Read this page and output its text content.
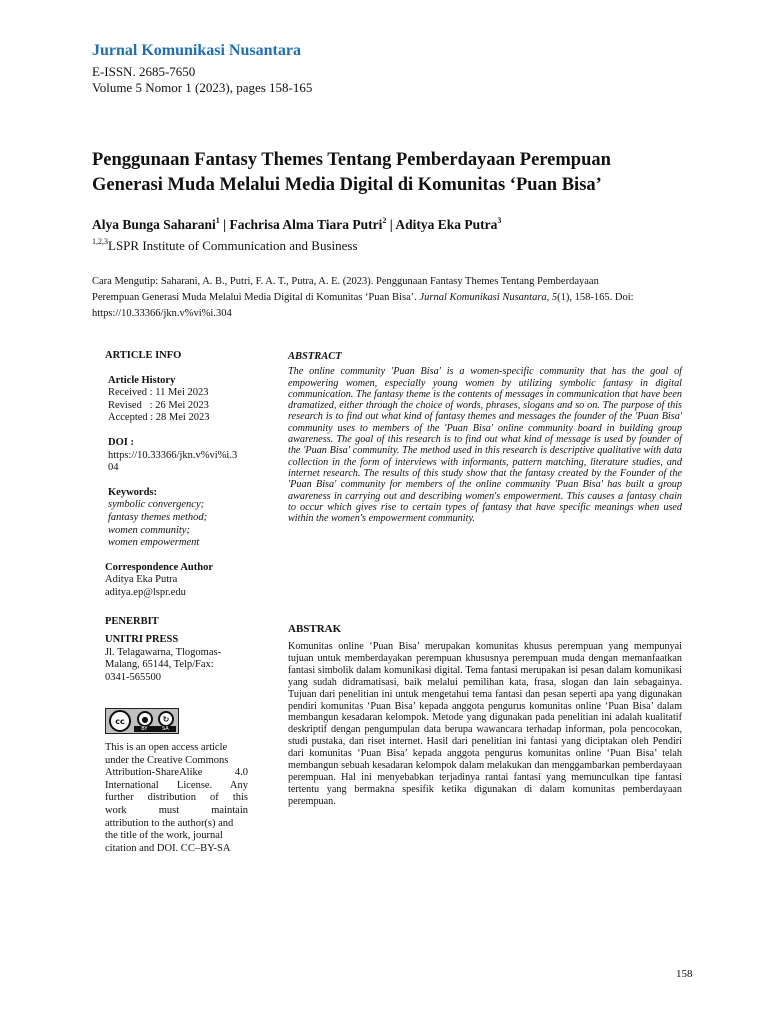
Jurnal Komunikasi Nusantara
E-ISSN. 2685-7650
Volume 5 Nomor 1 (2023), pages 158-165
Penggunaan Fantasy Themes Tentang Pemberdayaan Perempuan
Generasi Muda Melalui Media Digital di Komunitas ‘Puan Bisa’
Alya Bunga Saharani$^1$ | Fachrisa Alma Tiara Putri$^2$ | Aditya Eka Putra$^3$
$^{1,2,3}$LSPR Institute of Communication and Business
Cara Mengutip: Saharani, A. B., Putri, F. A. T., Putra, A. E. (2023). Penggunaan Fantasy Themes Tentang Pemberdayaan
Perempuan Generasi Muda Melalui Media Digital di Komunitas ‘Puan Bisa’. Jurnal Komunikasi Nusantara, 5(1), 158-165. Doi:
https://10.33366/jkn.v%vi%i.304
ARTICLE INFO
Article History
Received : 11 Mei 2023
Revised   : 26 Mei 2023
Accepted : 28 Mei 2023
DOI :
https://10.33366/jkn.v%vi%i.3
04
Keywords:
symbolic convergency;
fantasy themes method;
women community;
women empowerment
Correspondence Author
Aditya Eka Putra
aditya.ep@lspr.edu
PENERBIT
UNITRI PRESS
Jl. Telagawarna, Tlogomas-
Malang, 65144, Telp/Fax:
0341-565500
cc	●	↻
BY	SA
This is an open access article
under the Creative Commons
Attribution-ShareAlike 4.0
International License. Any
further distribution of this
work must maintain
attribution to the author(s) and
the title of the work, journal
citation and DOI. CC–BY-SA
ABSTRACT
The online community 'Puan Bisa' is a women-specific community that has the goal of empowering women, especially young women by utilizing symbolic fantasy in digital communication. The fantasy theme is the contents of messages in communication that have been dramatized, either through the choice of words, phrases, slogans and so on. The purpose of this research is to find out what kind of fantasy themes and messages the founder of the 'Puan Bisa' community uses to members of the 'Puan Bisa' online community board in building group awareness. The goal of this research is to find out what kind of message is used by founder of the 'Puan Bisa' community. The method used in this research is descriptive qualitative with data collection in the form of interviews with informants, pattern matching, literature studies, and internet research. The results of this study show that the fantasy created by the Founder of the 'Puan Bisa' community for members of the online community 'Puan Bisa' has built a group awareness in carrying out and describing women's empowerment. This causes a fantasy chain to occur which gives rise to certain types of fantasy that have specific meanings when used within the women's empowerment community.
ABSTRAK
Komunitas online ‘Puan Bisa’ merupakan komunitas khusus perempuan yang mempunyai tujuan untuk memberdayakan perempuan khususnya perempuan muda dengan memanfaatkan fantasi simbolik dalam komunikasi digital. Tema fantasi merupakan isi pesan dalam komunikasi yang sudah didramatisasi, baik melalui pemilihan kata, frasa, slogan dan lain sebagainya. Tujuan dari penelitian ini untuk mengetahui tema fantasi dan pesan seperti apa yang digunakan pendiri komunitas ‘Puan Bisa’ kepada anggota pengurus komunitas online ‘Puan Bisa’ dalam membangun kesadaran kelompok. Metode yang digunakan pada penelitian ini adalah kualitatif deskriptif dengan pengumpulan data berupa wawancara terhadap informan, pola pencocokan, studi pustaka, dan riset internet. Hasil dari penelitian ini fantasi yang diciptakan oleh Pendiri dari komunitas ‘Puan Bisa’ kepada anggota pengurus komunitas online ‘Puan Bisa’ telah membangun sebuah kesadaran kelompok dalam melakukan dan menggambarkan pemberdayaan perempuan. Hal ini menyebabkan terjadinya rantai fantasi yang memunculkan tipe fantasi tertentu yang bermakna spesifik ketika digunakan di dalam komunitas pemberdayaan perempuan.
158
